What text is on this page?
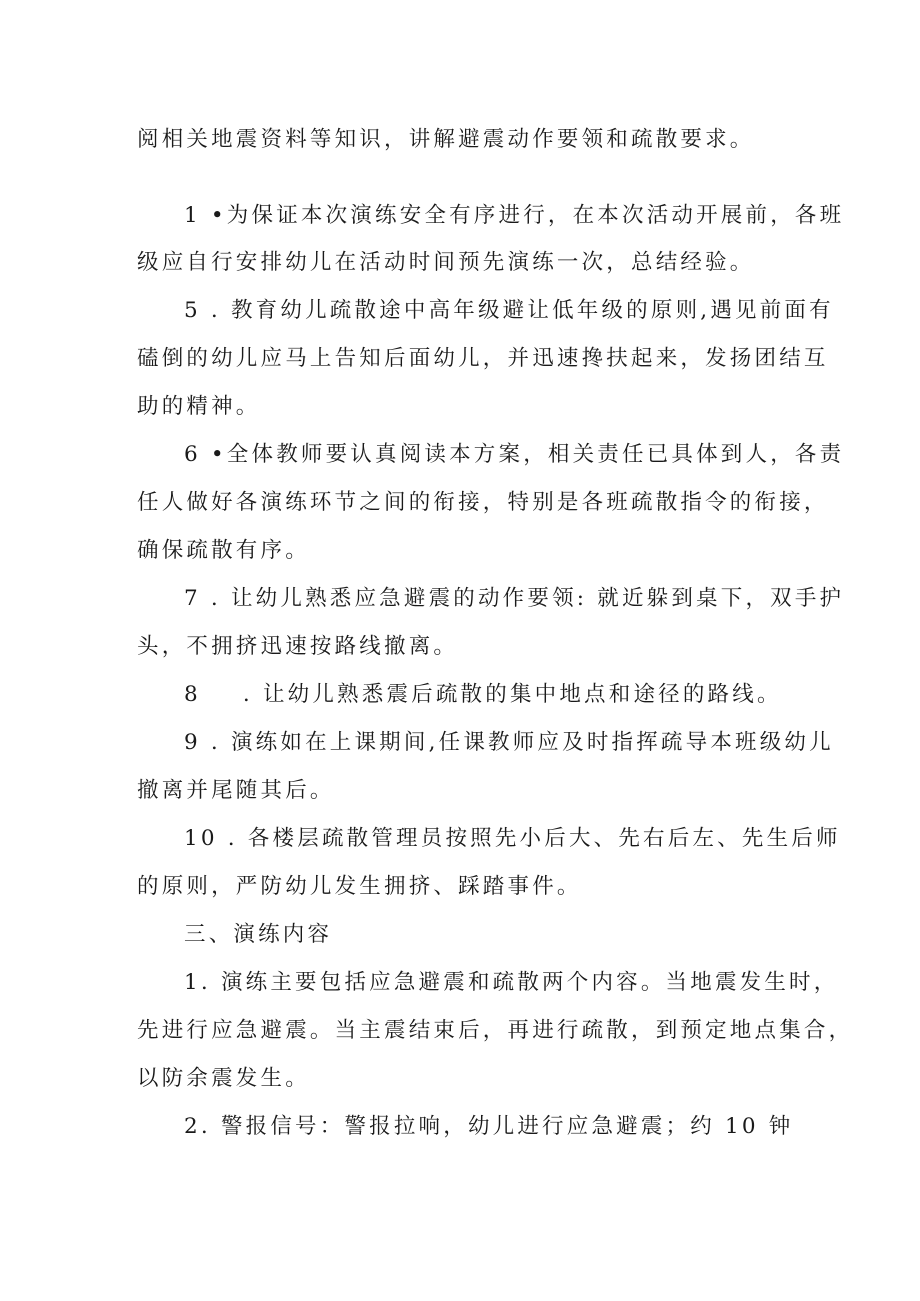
阅相关地震资料等知识，讲解避震动作要领和疏散要求。

1 •为保证本次演练安全有序进行，在本次活动开展前，各班

级应自行安排幼儿在活动时间预先演练一次，总结经验。

5 . 教育幼儿疏散途中高年级避让低年级的原则,遇见前面有

磕倒的幼儿应马上告知后面幼儿，并迅速搀扶起来，发扬团结互

助的精神。

6 •全体教师要认真阅读本方案，相关责任已具体到人，各责

任人做好各演练环节之间的衔接，特别是各班疏散指令的衔接，

确保疏散有序。

7 . 让幼儿熟悉应急避震的动作要领: 就近躲到桌下，双手护

头，不拥挤迅速按路线撤离。

8 . 让幼儿熟悉震后疏散的集中地点和途径的路线。

9 . 演练如在上课期间,任课教师应及时指挥疏导本班级幼儿

撤离并尾随其后。

10 . 各楼层疏散管理员按照先小后大、先右后左、先生后师

的原则，严防幼儿发生拥挤、踩踏事件。

三、演练内容

1. 演练主要包括应急避震和疏散两个内容。当地震发生时，

先进行应急避震。当主震结束后，再进行疏散，到预定地点集合，

以防余震发生。

2. 警报信号：警报拉响，幼儿进行应急避震；约 10 钟
